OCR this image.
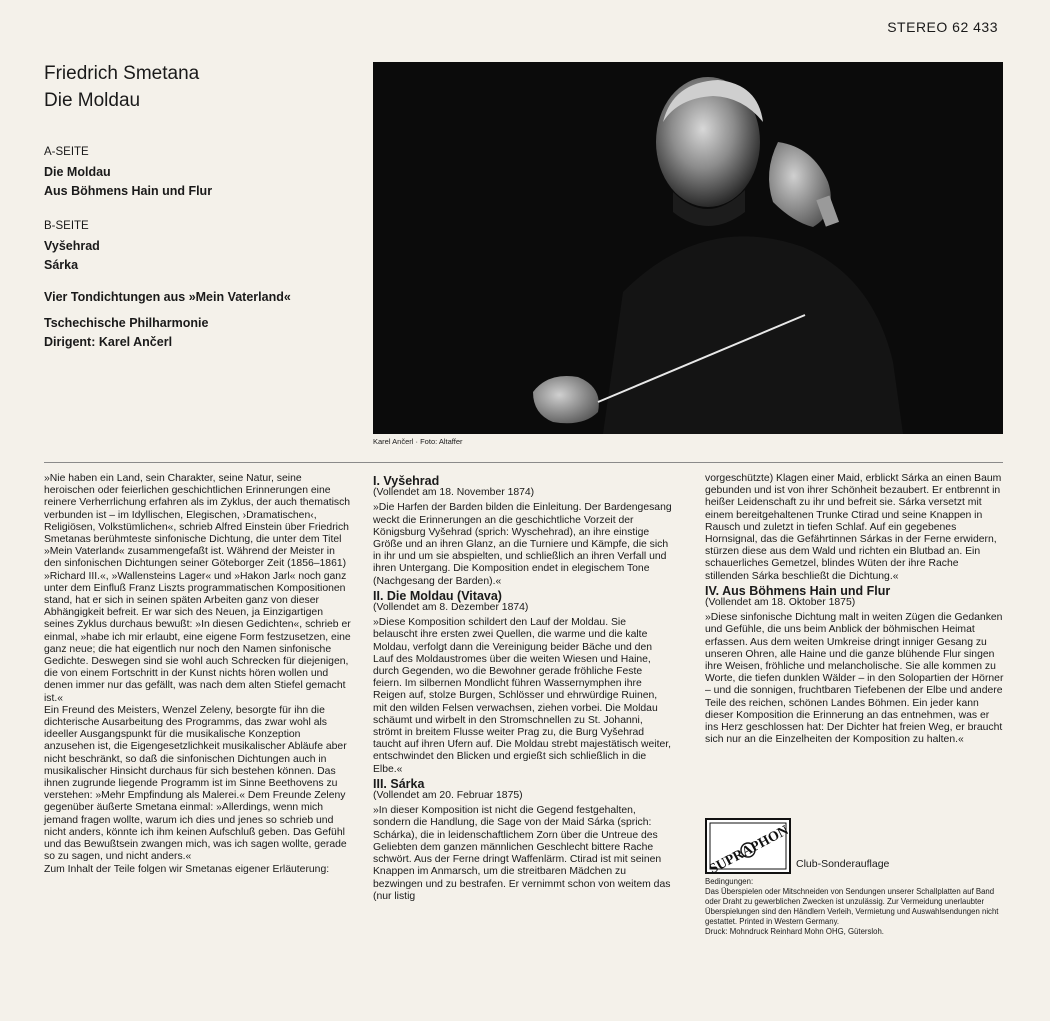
STEREO 62 433
Friedrich Smetana
Die Moldau
A-SEITE
Die Moldau
Aus Böhmens Hain und Flur
B-SEITE
Vyšehrad
Sárka
Vier Tondichtungen aus »Mein Vaterland«
Tschechische Philharmonie
Dirigent: Karel Ančerl
Karel Ančerl · Foto: Altaffer

»Nie haben ein Land, sein Charakter, seine Natur, seine heroischen oder feierlichen geschichtlichen Erinnerungen eine reinere Verherrlichung erfahren als im Zyklus, der auch thematisch verbunden ist – im Idyllischen, Elegischen, ›Dramatischen‹, Religiösen, Volkstümlichen«, schrieb Alfred Einstein über Friedrich Smetanas berühmteste sinfonische Dichtung, die unter dem Titel »Mein Vaterland« zusammengefaßt ist. Während der Meister in den sinfonischen Dichtungen seiner Göteborger Zeit (1856–1861) »Richard III.«, »Wallensteins Lager« und »Hakon Jarl« noch ganz unter dem Einfluß Franz Liszts programmatischen Kompositionen stand, hat er sich in seinen späten Arbeiten ganz von dieser Abhängigkeit befreit. Er war sich des Neuen, ja Einzigartigen seines Zyklus durchaus bewußt: »In diesen Gedichten«, schrieb er einmal, »habe ich mir erlaubt, eine eigene Form festzusetzen, eine ganz neue; die hat eigentlich nur noch den Namen sinfonische Gedichte. Deswegen sind sie wohl auch Schrecken für diejenigen, die von einem Fortschritt in der Kunst nichts hören wollen und denen immer nur das gefällt, was nach dem alten Stiefel gemacht ist.«

Ein Freund des Meisters, Wenzel Zeleny, besorgte für ihn die dichterische Ausarbeitung des Programms, das zwar wohl als ideeller Ausgangspunkt für die musikalische Konzeption anzusehen ist, die Eigengesetzlichkeit musikalischer Abläufe aber nicht beschränkt, so daß die sinfonischen Dichtungen auch in musikalischer Hinsicht durchaus für sich bestehen können. Das ihnen zugrunde liegende Programm ist im Sinne Beethovens zu verstehen: »Mehr Empfindung als Malerei.« Dem Freunde Zeleny gegenüber äußerte Smetana einmal: »Allerdings, wenn mich jemand fragen wollte, warum ich dies und jenes so schrieb und nicht anders, könnte ich ihm keinen Aufschluß geben. Das Gefühl und das Bewußtsein zwangen mich, was ich sagen wollte, gerade so zu sagen, und nicht anders.«

Zum Inhalt der Teile folgen wir Smetanas eigener Erläuterung:

I. Vyšehrad

(Vollendet am 18. November 1874)

»Die Harfen der Barden bilden die Einleitung. Der Bardengesang weckt die Erinnerungen an die geschichtliche Vorzeit der Königsburg Vyšehrad (sprich: Wyschehrad), an ihre einstige Größe und an ihren Glanz, an die Turniere und Kämpfe, die sich in ihr und um sie abspielten, und schließlich an ihren Verfall und ihren Untergang. Die Komposition endet in elegischem Tone (Nachgesang der Barden).«

II. Die Moldau (Vitava)

(Vollendet am 8. Dezember 1874)

»Diese Komposition schildert den Lauf der Moldau. Sie belauscht ihre ersten zwei Quellen, die warme und die kalte Moldau, verfolgt dann die Vereinigung beider Bäche und den Lauf des Moldaustromes über die weiten Wiesen und Haine, durch Gegenden, wo die Bewohner gerade fröhliche Feste feiern. Im silbernen Mondlicht führen Wassernymphen ihre Reigen auf, stolze Burgen, Schlösser und ehrwürdige Ruinen, mit den wilden Felsen verwachsen, ziehen vorbei. Die Moldau schäumt und wirbelt in den Stromschnellen zu St. Johanni, strömt in breitem Flusse weiter Prag zu, die Burg Vyšehrad taucht auf ihren Ufern auf. Die Moldau strebt majestätisch weiter, entschwindet den Blicken und ergießt sich schließlich in die Elbe.«

III. Sárka

(Vollendet am 20. Februar 1875)

»In dieser Komposition ist nicht die Gegend festgehalten, sondern die Handlung, die Sage von der Maid Sárka (sprich: Schárka), die in leidenschaftlichem Zorn über die Untreue des Geliebten dem ganzen männlichen Geschlecht bittere Rache schwört. Aus der Ferne dringt Waffenlärm. Ctirad ist mit seinen Knappen im Anmarsch, um die streitbaren Mädchen zu bezwingen und zu bestrafen. Er vernimmt schon von weitem das (nur listig

vorgeschützte) Klagen einer Maid, erblickt Sárka an einen Baum gebunden und ist von ihrer Schönheit bezaubert. Er entbrennt in heißer Leidenschaft zu ihr und befreit sie. Sárka versetzt mit einem bereitgehaltenen Trunke Ctirad und seine Knappen in Rausch und zuletzt in tiefen Schlaf. Auf ein gegebenes Hornsignal, das die Gefährtinnen Sárkas in der Ferne erwidern, stürzen diese aus dem Wald und richten ein Blutbad an. Ein schauerliches Gemetzel, blindes Wüten der ihre Rache stillenden Sárka beschließt die Dichtung.«

IV. Aus Böhmens Hain und Flur

(Vollendet am 18. Oktober 1875)

»Diese sinfonische Dichtung malt in weiten Zügen die Gedanken und Gefühle, die uns beim Anblick der böhmischen Heimat erfassen. Aus dem weiten Umkreise dringt inniger Gesang zu unseren Ohren, alle Haine und die ganze blühende Flur singen ihre Weisen, fröhliche und melancholische. Sie alle kommen zu Worte, die tiefen dunklen Wälder – in den Solopartien der Hörner – und die sonnigen, fruchtbaren Tiefebenen der Elbe und andere Teile des reichen, schönen Landes Böhmen. Ein jeder kann dieser Komposition die Erinnerung an das entnehmen, was er ins Herz geschlossen hat: Der Dichter hat freien Weg, er braucht sich nur an die Einzelheiten der Komposition zu halten.«

SUPRAPHON Club-Sonderauflage
Bedingungen:
Das Überspielen oder Mitschneiden von Sendungen unserer Schallplatten auf Band oder Draht zu gewerblichen Zwecken ist unzulässig. Zur Vermeidung unerlaubter Überspielungen sind den Händlern Verleih, Vermietung und Auswahlsendungen nicht gestattet. Printed in Western Germany.
Druck: Mohndruck Reinhard Mohn OHG, Gütersloh.
